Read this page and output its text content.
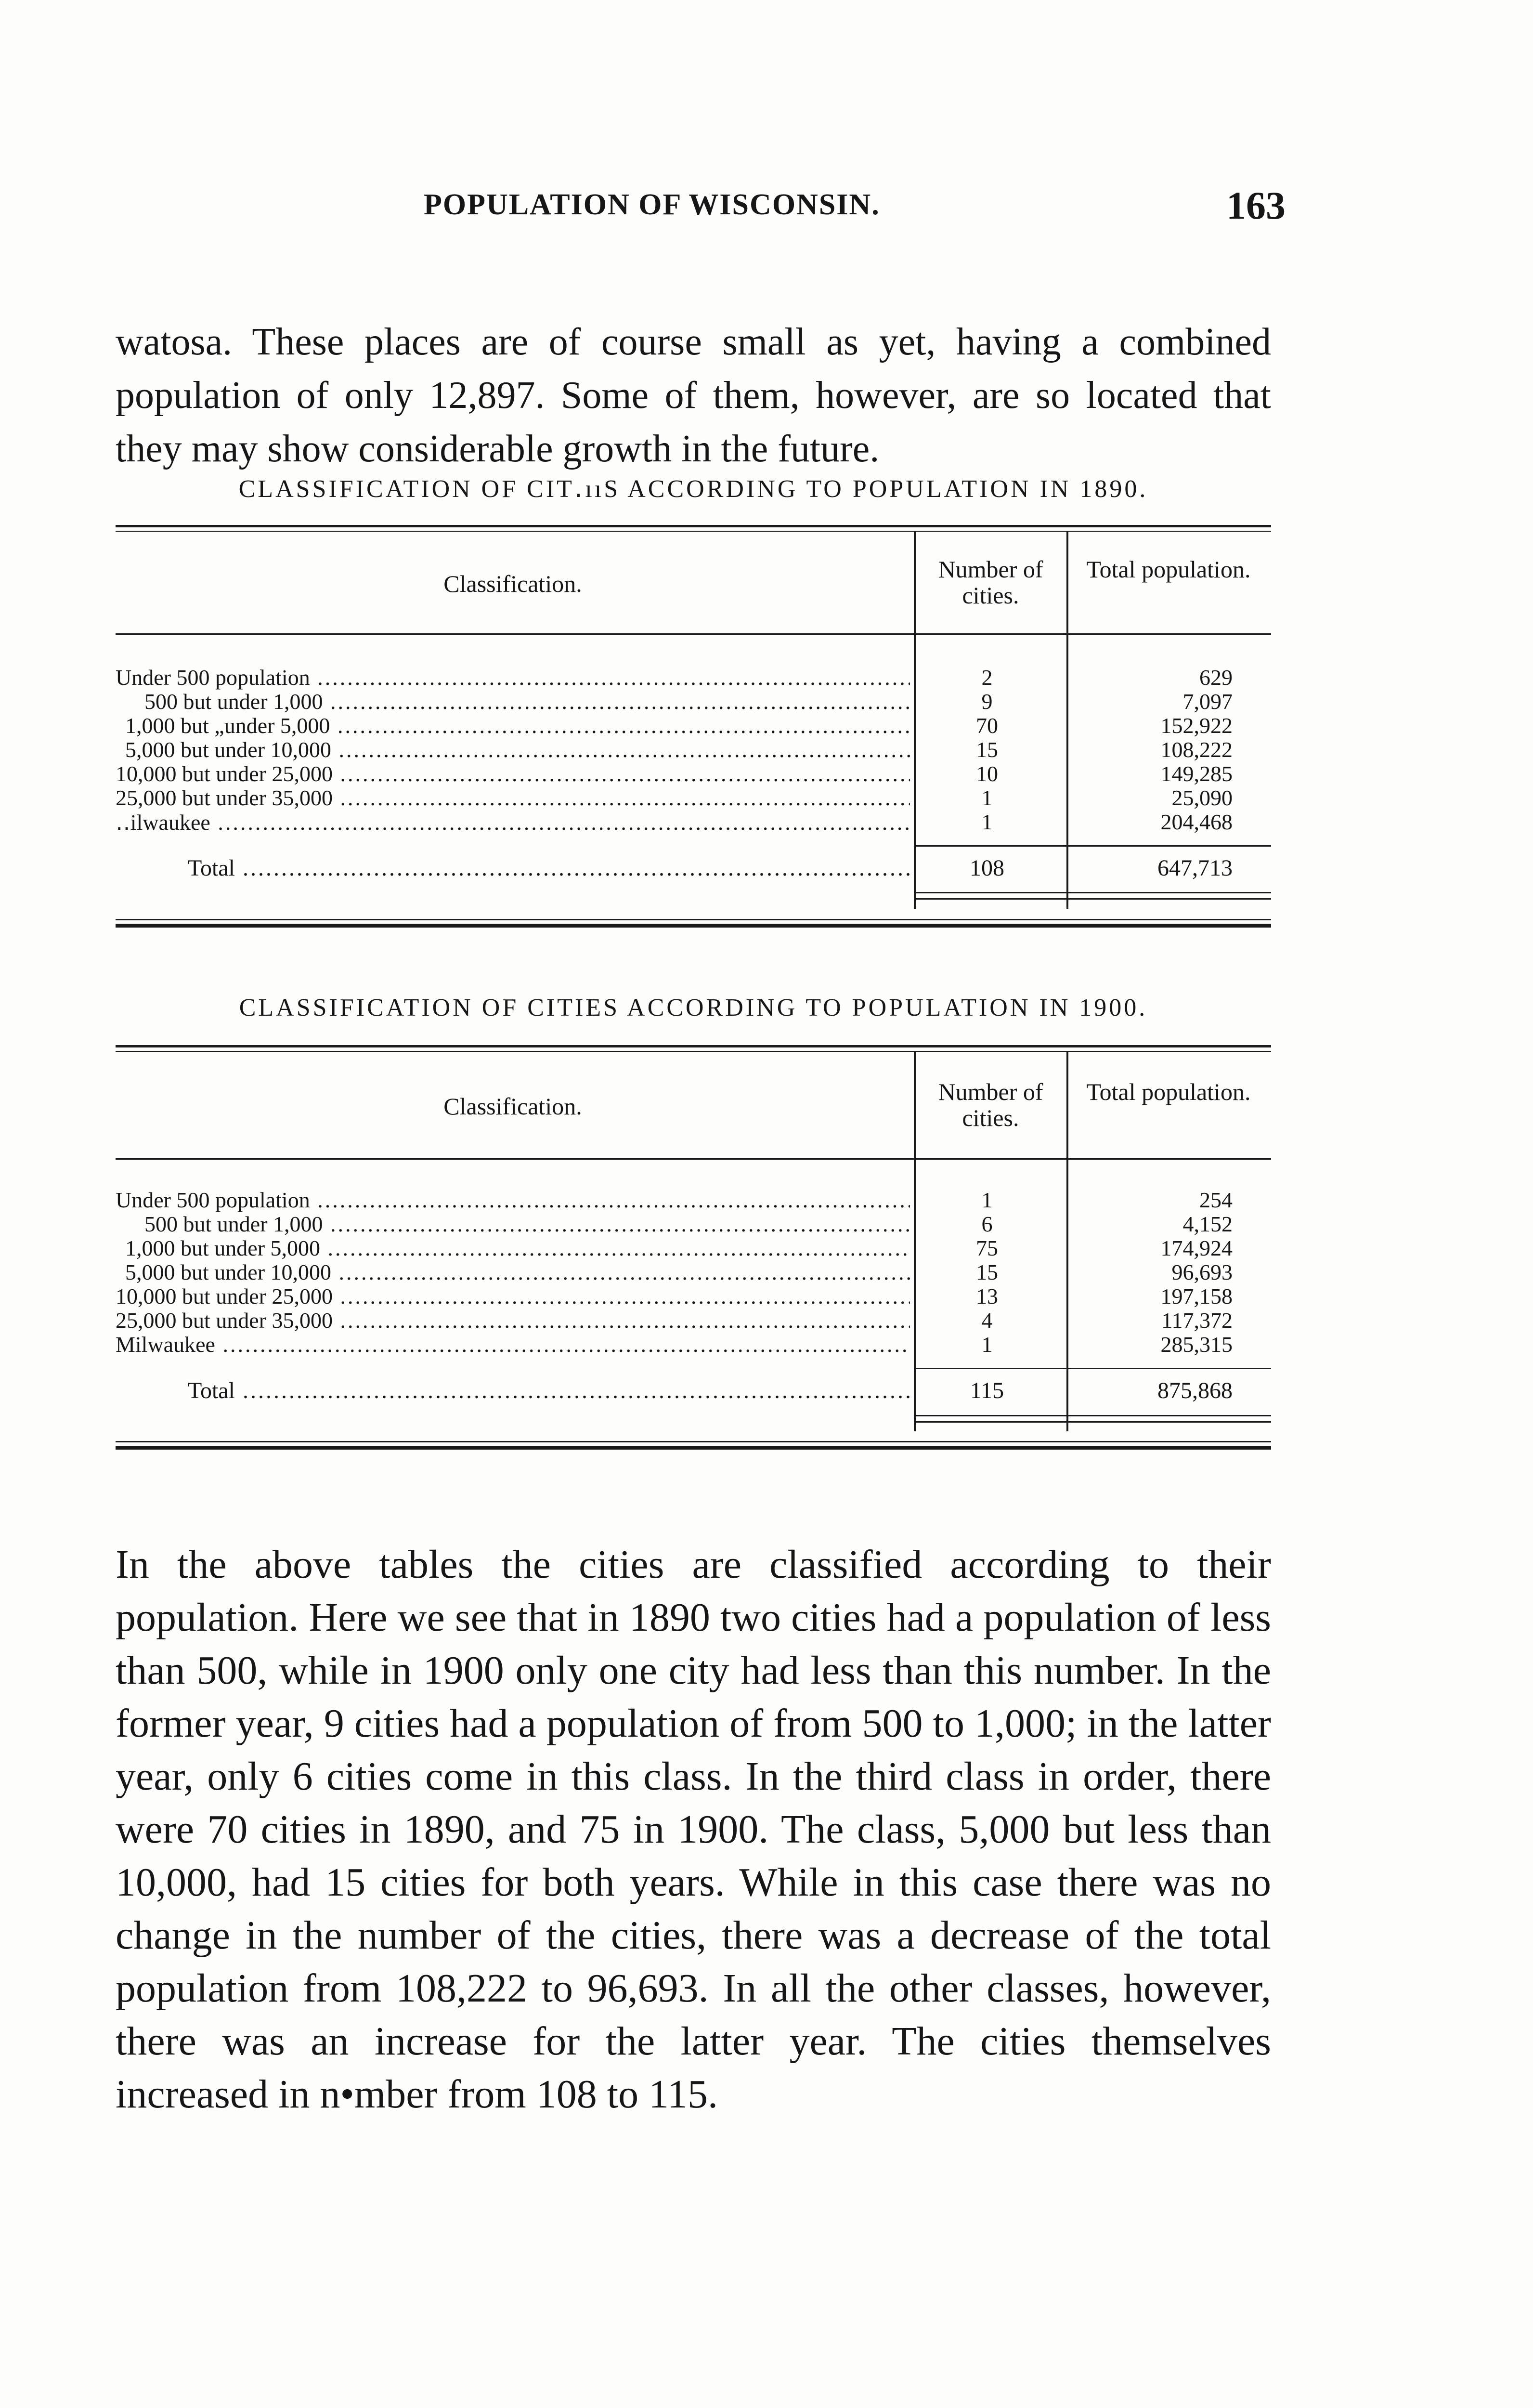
POPULATION OF WISCONSIN.	163

watosa. These places are of course small as yet, having a combined population of only 12,897. Some of them, however, are so located that they may show considerable growth in the future.

CLASSIFICATION OF CIT․ııS ACCORDING TO POPULATION IN 1890.
Classification.
Number of cities.
Total population.
Under 500 population .....	2	629
500 but under 1,000 .....	9	7,097
1,000 but „under 5,000 .....	70	152,922
5,000 but under 10,000 .....	15	108,222
10,000 but under 25,000 .....	10	149,285
25,000 but under 35,000 .....	1	25,090
․․ilwaukee .....	1	204,468
Total .....	108	647,713
CLASSIFICATION OF CITIES ACCORDING TO POPULATION IN 1900.
Classification.
Number of cities.
Total population.
Under 500 population .....	1	254
500 but under 1,000 .....	6	4,152
1,000 but under 5,000 .....	75	174,924
5,000 but under 10,000 .....	15	96,693
10,000 but under 25,000 .....	13	197,158
25,000 but under 35,000 .....	4	117,372
Milwaukee .....	1	285,315
Total .....	115	875,868

In the above tables the cities are classified according to their population. Here we see that in 1890 two cities had a population of less than 500, while in 1900 only one city had less than this number. In the former year, 9 cities had a population of from 500 to 1,000; in the latter year, only 6 cities come in this class. In the third class in order, there were 70 cities in 1890, and 75 in 1900. The class, 5,000 but less than 10,000, had 15 cities for both years. While in this case there was no change in the number of the cities, there was a decrease of the total population from 108,222 to 96,693. In all the other classes, however, there was an increase for the latter year. The cities themselves increased in n•mber from 108 to 115.
